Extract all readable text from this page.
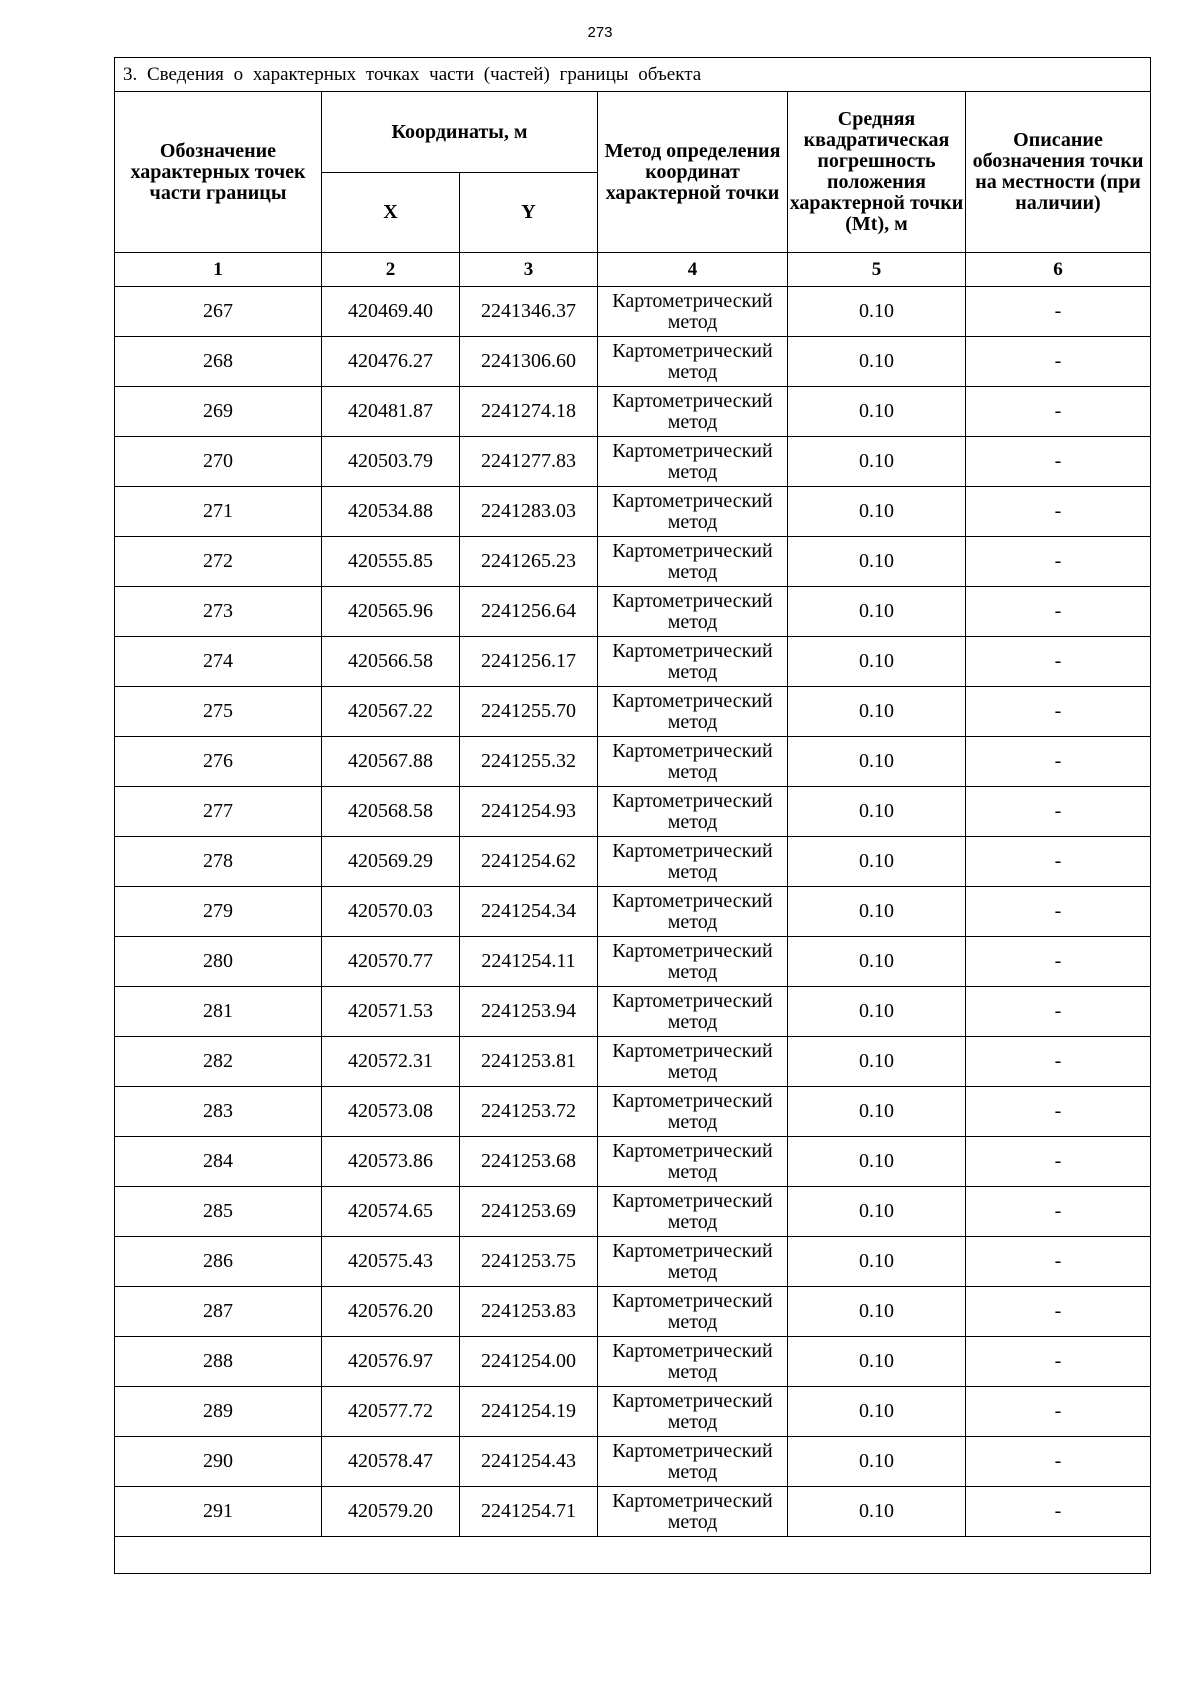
273
3. Сведения о характерных точках части (частей) границы объекта					
Обозначение характерных точек части границы	Координаты, м		Метод определения координат характерной точки	Средняя квадратическая погрешность положения характерной точки (Mt), м	Описание обозначения точки на местности (при наличии)
	X	Y			
1	2	3	4	5	6
267	420469.40	2241346.37	Картометрический метод	0.10	-
268	420476.27	2241306.60	Картометрический метод	0.10	-
269	420481.87	2241274.18	Картометрический метод	0.10	-
270	420503.79	2241277.83	Картометрический метод	0.10	-
271	420534.88	2241283.03	Картометрический метод	0.10	-
272	420555.85	2241265.23	Картометрический метод	0.10	-
273	420565.96	2241256.64	Картометрический метод	0.10	-
274	420566.58	2241256.17	Картометрический метод	0.10	-
275	420567.22	2241255.70	Картометрический метод	0.10	-
276	420567.88	2241255.32	Картометрический метод	0.10	-
277	420568.58	2241254.93	Картометрический метод	0.10	-
278	420569.29	2241254.62	Картометрический метод	0.10	-
279	420570.03	2241254.34	Картометрический метод	0.10	-
280	420570.77	2241254.11	Картометрический метод	0.10	-
281	420571.53	2241253.94	Картометрический метод	0.10	-
282	420572.31	2241253.81	Картометрический метод	0.10	-
283	420573.08	2241253.72	Картометрический метод	0.10	-
284	420573.86	2241253.68	Картометрический метод	0.10	-
285	420574.65	2241253.69	Картометрический метод	0.10	-
286	420575.43	2241253.75	Картометрический метод	0.10	-
287	420576.20	2241253.83	Картометрический метод	0.10	-
288	420576.97	2241254.00	Картометрический метод	0.10	-
289	420577.72	2241254.19	Картометрический метод	0.10	-
290	420578.47	2241254.43	Картометрический метод	0.10	-
291	420579.20	2241254.71	Картометрический метод	0.10	-
